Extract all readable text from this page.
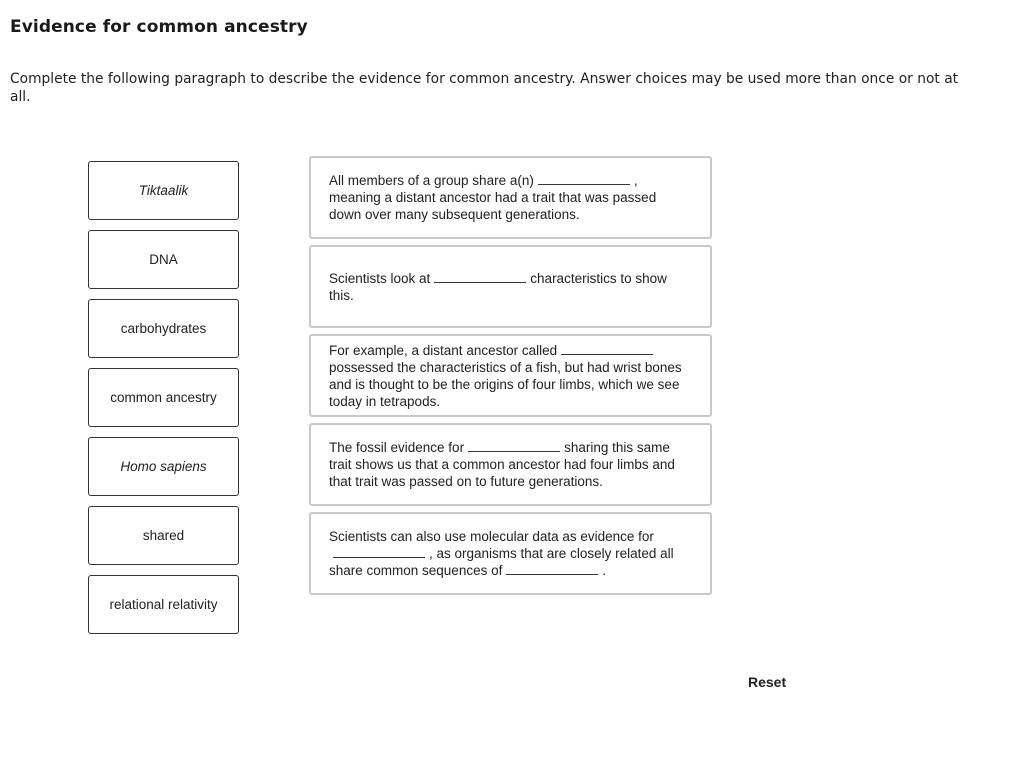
Evidence for common ancestry
Complete the following paragraph to describe the evidence for common ancestry. Answer choices may be used more than once or not at all.
Tiktaalik
DNA
carbohydrates
common ancestry
Homo sapiens
shared
relational relativity
All members of a group share a(n)	, meaning a distant ancestor had a trait that was passed down over many subsequent generations.
Scientists look at	characteristics to show this.
For example, a distant ancestor calledpossessed the characteristics of a fish, but had wrist bones and is thought to be the origins of four limbs, which we see today in tetrapods.
The fossil evidence for	sharing this same trait shows us that a common ancestor had four limbs and that trait was passed on to future generations.
Scientists can also use molecular data as evidence for, as organisms that are closely related all share common sequences of	.
Reset
